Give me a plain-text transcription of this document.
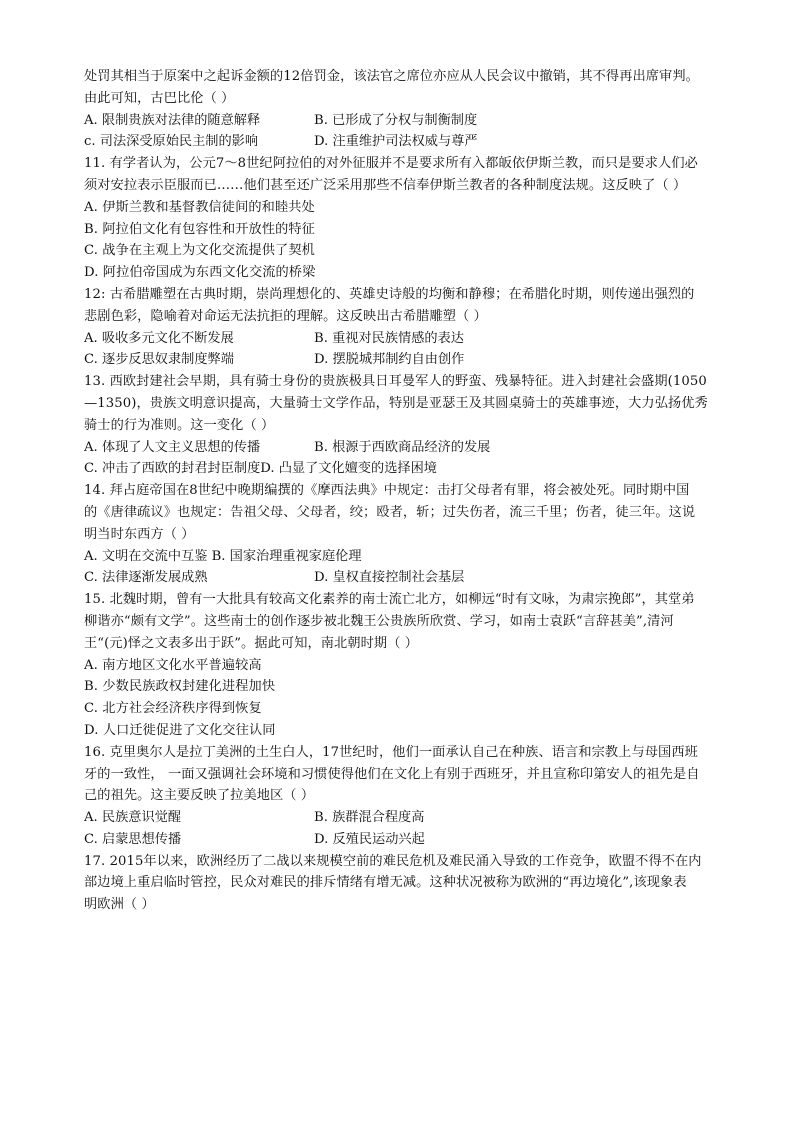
处罚其相当于原案中之起诉金额的12倍罚金，该法官之席位亦应从人民会议中撤销，其不得再出席审判。
由此可知，古巴比伦（ ）
A. 限制贵族对法律的随意解释	B. 已形成了分权与制衡制度
c. 司法深受原始民主制的影响	D. 注重维护司法权威与尊严
11. 有学者认为，公元7～8世纪阿拉伯的对外征服并不是要求所有入都皈依伊斯兰教，而只是要求人们必
须对安拉表示臣服而已……他们甚至还广泛采用那些不信奉伊斯兰教者的各种制度法规。这反映了（ ）
A. 伊斯兰教和基督教信徒间的和睦共处
B. 阿拉伯文化有包容性和开放性的特征
C. 战争在主观上为文化交流提供了契机
D. 阿拉伯帝国成为东西文化交流的桥梁
12: 古希腊雕塑在古典时期，崇尚理想化的、英雄史诗般的均衡和静穆；在希腊化时期，则传递出强烈的
悲剧色彩，隐喻着对命运无法抗拒的理解。这反映出古希腊雕塑（ ）
A. 吸收多元文化不断发展	B. 重视对民族情感的表达
C. 逐步反思奴隶制度弊端	D. 摆脱城邦制约自由创作
13. 西欧封建社会早期，具有骑士身份的贵族极具日耳曼军人的野蛮、残暴特征。进入封建社会盛期(1050
—1350)，贵族文明意识提高，大量骑士文学作品，特别是亚瑟王及其圆桌骑士的英雄事迹，大力弘扬优秀
骑士的行为准则。这一变化（ ）
A. 体现了人文主义思想的传播	B. 根源于西欧商品经济的发展
C. 冲击了西欧的封君封臣制度D. 凸显了文化嬗变的选择困境
14. 拜占庭帝国在8世纪中晚期编撰的《摩西法典》中规定：击打父母者有罪，将会被处死。同时期中国
的《唐律疏议》也规定：告祖父母、父母者，绞；殴者，斩；过失伤者，流三千里；伤者，徒三年。这说
明当时东西方（ ）
A. 文明在交流中互鉴 B. 国家治理重视家庭伦理
C. 法律逐渐发展成熟	D. 皇权直接控制社会基层
15. 北魏时期，曾有一大批具有较高文化素养的南士流亡北方，如柳远“时有文咏，为肃宗挽郎”，其堂弟
柳谐亦“颇有文学”。这些南士的创作逐步被北魏王公贵族所欣赏、学习，如南士袁跃“言辞甚美”,清河
王“(元)怿之文表多出于跃”。据此可知，南北朝时期（ ）
A. 南方地区文化水平普遍较高
B. 少数民族政权封建化进程加快
C. 北方社会经济秩序得到恢复
D. 人口迁徙促进了文化交往认同
16. 克里奥尔人是拉丁美洲的土生白人，17世纪时，他们一面承认自己在种族、语言和宗教上与母国西班
牙的一致性， 一面又强调社会环境和习惯使得他们在文化上有别于西班牙，并且宣称印第安人的祖先是自
己的祖先。这主要反映了拉美地区（ ）
A. 民族意识觉醒	B. 族群混合程度高
C. 启蒙思想传播	D. 反殖民运动兴起
17. 2015年以来，欧洲经历了二战以来规模空前的难民危机及难民涌入导致的工作竞争，欧盟不得不在内
部边境上重启临时管控，民众对难民的排斥情绪有增无减。这种状况被称为欧洲的“再边境化”,该现象表
明欧洲（ ）
